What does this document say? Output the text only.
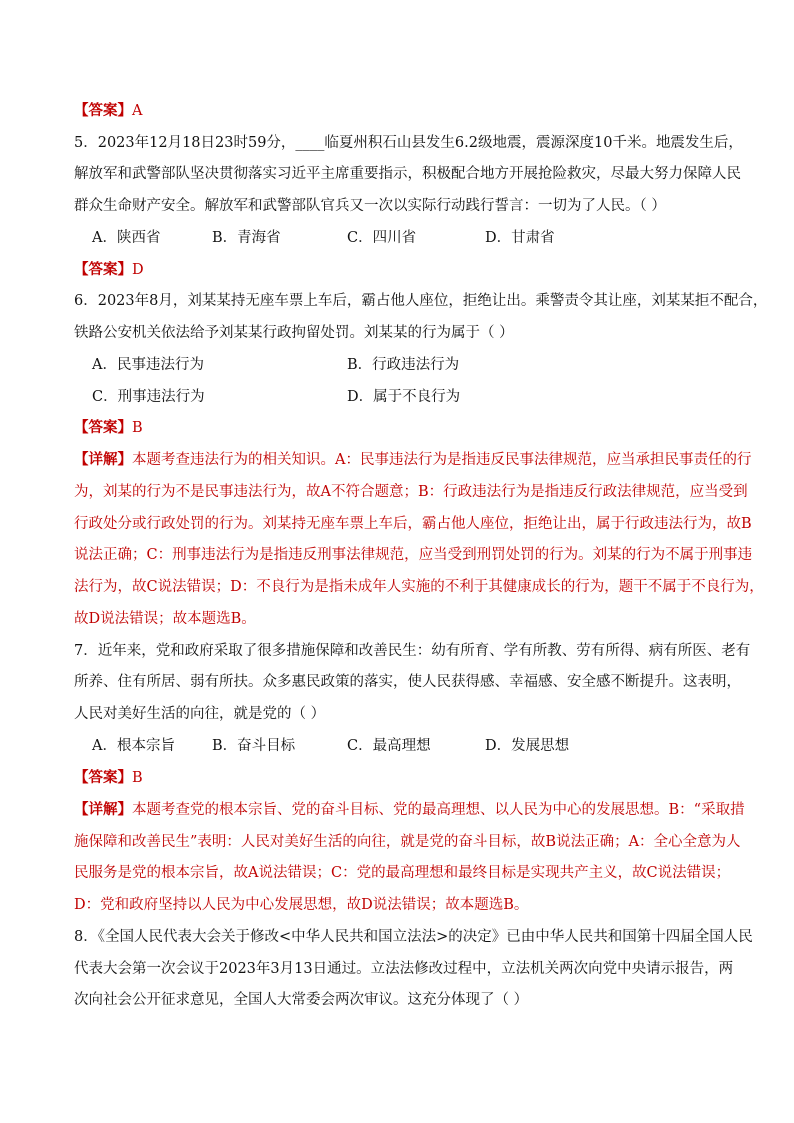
【答案】A
5．2023年12月18日23时59分，____临夏州积石山县发生6.2级地震，震源深度10千米。地震发生后，
解放军和武警部队坚决贯彻落实习近平主席重要指示，积极配合地方开展抢险救灾，尽最大努力保障人民
群众生命财产安全。解放军和武警部队官兵又一次以实际行动践行誓言：一切为了人民。（ ）
A．陕西省	B．青海省	C．四川省	D．甘肃省
【答案】D
6．2023年8月，刘某某持无座车票上车后，霸占他人座位，拒绝让出。乘警责令其让座，刘某某拒不配合，
铁路公安机关依法给予刘某某行政拘留处罚。刘某某的行为属于（ ）
A．民事违法行为	B．行政违法行为
C．刑事违法行为	D．属于不良行为
【答案】B
【详解】本题考查违法行为的相关知识。A：民事违法行为是指违反民事法律规范，应当承担民事责任的行
为，刘某的行为不是民事违法行为，故A不符合题意；B：行政违法行为是指违反行政法律规范，应当受到
行政处分或行政处罚的行为。刘某持无座车票上车后，霸占他人座位，拒绝让出，属于行政违法行为，故B
说法正确；C：刑事违法行为是指违反刑事法律规范，应当受到刑罚处罚的行为。刘某的行为不属于刑事违
法行为，故C说法错误；D：不良行为是指未成年人实施的不利于其健康成长的行为，题干不属于不良行为，
故D说法错误；故本题选B。
7．近年来，党和政府采取了很多措施保障和改善民生：幼有所育、学有所教、劳有所得、病有所医、老有
所养、住有所居、弱有所扶。众多惠民政策的落实，使人民获得感、幸福感、安全感不断提升。这表明，
人民对美好生活的向往，就是党的（ ）
A．根本宗旨	B．奋斗目标	C．最高理想	D．发展思想
【答案】B
【详解】本题考查党的根本宗旨、党的奋斗目标、党的最高理想、以人民为中心的发展思想。B：“采取措
施保障和改善民生”表明：人民对美好生活的向往，就是党的奋斗目标，故B说法正确；A：全心全意为人
民服务是党的根本宗旨，故A说法错误；C：党的最高理想和最终目标是实现共产主义，故C说法错误；
D：党和政府坚持以人民为中心发展思想，故D说法错误；故本题选B。
8．《全国人民代表大会关于修改<中华人民共和国立法法>的决定》已由中华人民共和国第十四届全国人民
代表大会第一次会议于2023年3月13日通过。立法法修改过程中，立法机关两次向党中央请示报告，两
次向社会公开征求意见，全国人大常委会两次审议。这充分体现了（ ）
